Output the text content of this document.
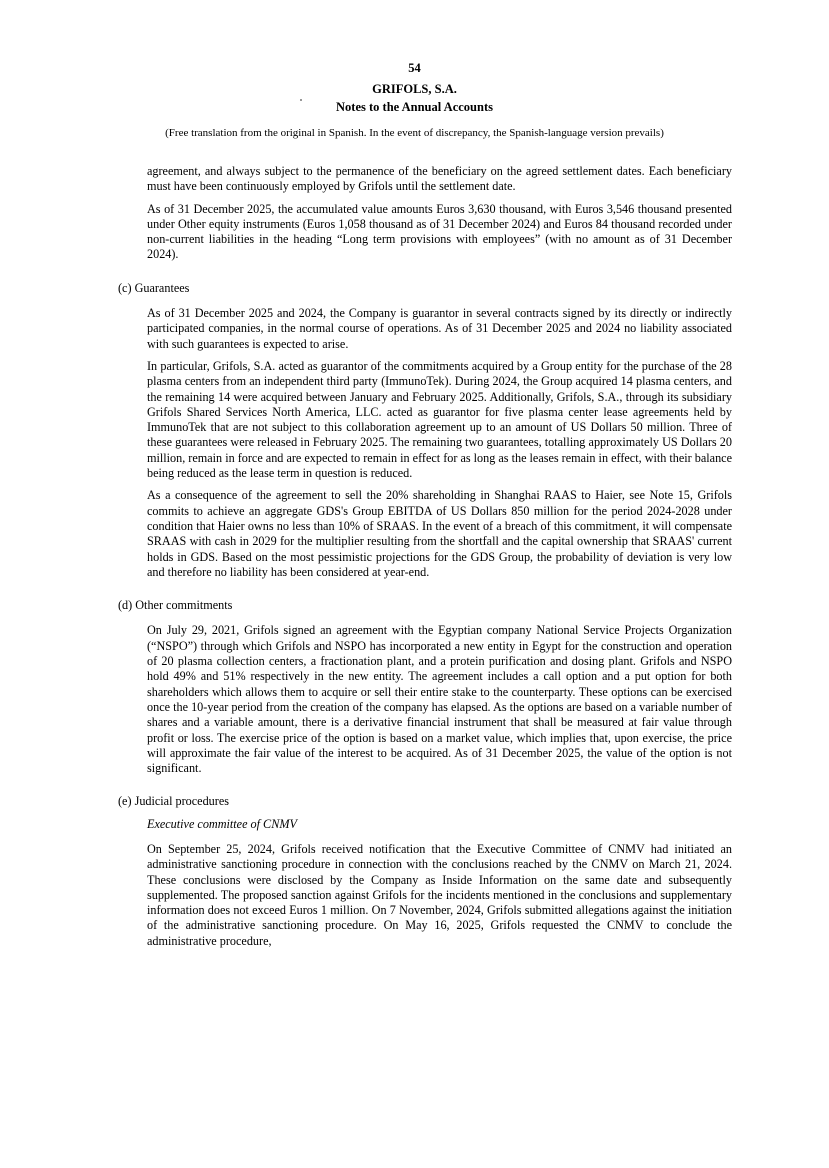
54
GRIFOLS, S.A.
Notes to the Annual Accounts
(Free translation from the original in Spanish. In the event of discrepancy, the Spanish-language version prevails)

agreement, and always subject to the permanence of the beneficiary on the agreed settlement dates. Each beneficiary must have been continuously employed by Grifols until the settlement date.

As of 31 December 2025, the accumulated value amounts Euros 3,630 thousand, with Euros 3,546 thousand presented under Other equity instruments (Euros 1,058 thousand as of 31 December 2024) and Euros 84 thousand recorded under non-current liabilities in the heading “Long term provisions with employees” (with no amount as of 31 December 2024).

(c) Guarantees

As of 31 December 2025 and 2024, the Company is guarantor in several contracts signed by its directly or indirectly participated companies, in the normal course of operations. As of 31 December 2025 and 2024 no liability associated with such guarantees is expected to arise.

In particular, Grifols, S.A. acted as guarantor of the commitments acquired by a Group entity for the purchase of the 28 plasma centers from an independent third party (ImmunoTek). During 2024, the Group acquired 14 plasma centers, and the remaining 14 were acquired between January and February 2025. Additionally, Grifols, S.A., through its subsidiary Grifols Shared Services North America, LLC. acted as guarantor for five plasma center lease agreements held by ImmunoTek that are not subject to this collaboration agreement up to an amount of US Dollars 50 million. Three of these guarantees were released in February 2025. The remaining two guarantees, totalling approximately US Dollars 20 million, remain in force and are expected to remain in effect for as long as the leases remain in effect, with their balance being reduced as the lease term in question is reduced.

As a consequence of the agreement to sell the 20% shareholding in Shanghai RAAS to Haier, see Note 15, Grifols commits to achieve an aggregate GDS's Group EBITDA of US Dollars 850 million for the period 2024-2028 under condition that Haier owns no less than 10% of SRAAS. In the event of a breach of this commitment, it will compensate SRAAS with cash in 2029 for the multiplier resulting from the shortfall and the capital ownership that SRAAS' current holds in GDS. Based on the most pessimistic projections for the GDS Group, the probability of deviation is very low and therefore no liability has been considered at year-end.

(d) Other commitments

On July 29, 2021, Grifols signed an agreement with the Egyptian company National Service Projects Organization (“NSPO”) through which Grifols and NSPO has incorporated a new entity in Egypt for the construction and operation of 20 plasma collection centers, a fractionation plant, and a protein purification and dosing plant. Grifols and NSPO hold 49% and 51% respectively in the new entity. The agreement includes a call option and a put option for both shareholders which allows them to acquire or sell their entire stake to the counterparty. These options can be exercised once the 10-year period from the creation of the company has elapsed. As the options are based on a variable number of shares and a variable amount, there is a derivative financial instrument that shall be measured at fair value through profit or loss. The exercise price of the option is based on a market value, which implies that, upon exercise, the price will approximate the fair value of the interest to be acquired. As of 31 December 2025, the value of the option is not significant.

(e) Judicial procedures

Executive committee of CNMV

On September 25, 2024, Grifols received notification that the Executive Committee of CNMV had initiated an administrative sanctioning procedure in connection with the conclusions reached by the CNMV on March 21, 2024. These conclusions were disclosed by the Company as Inside Information on the same date and subsequently supplemented. The proposed sanction against Grifols for the incidents mentioned in the conclusions and supplementary information does not exceed Euros 1 million. On 7 November, 2024, Grifols submitted allegations against the initiation of the administrative sanctioning procedure. On May 16, 2025, Grifols requested the CNMV to conclude the administrative procedure,
